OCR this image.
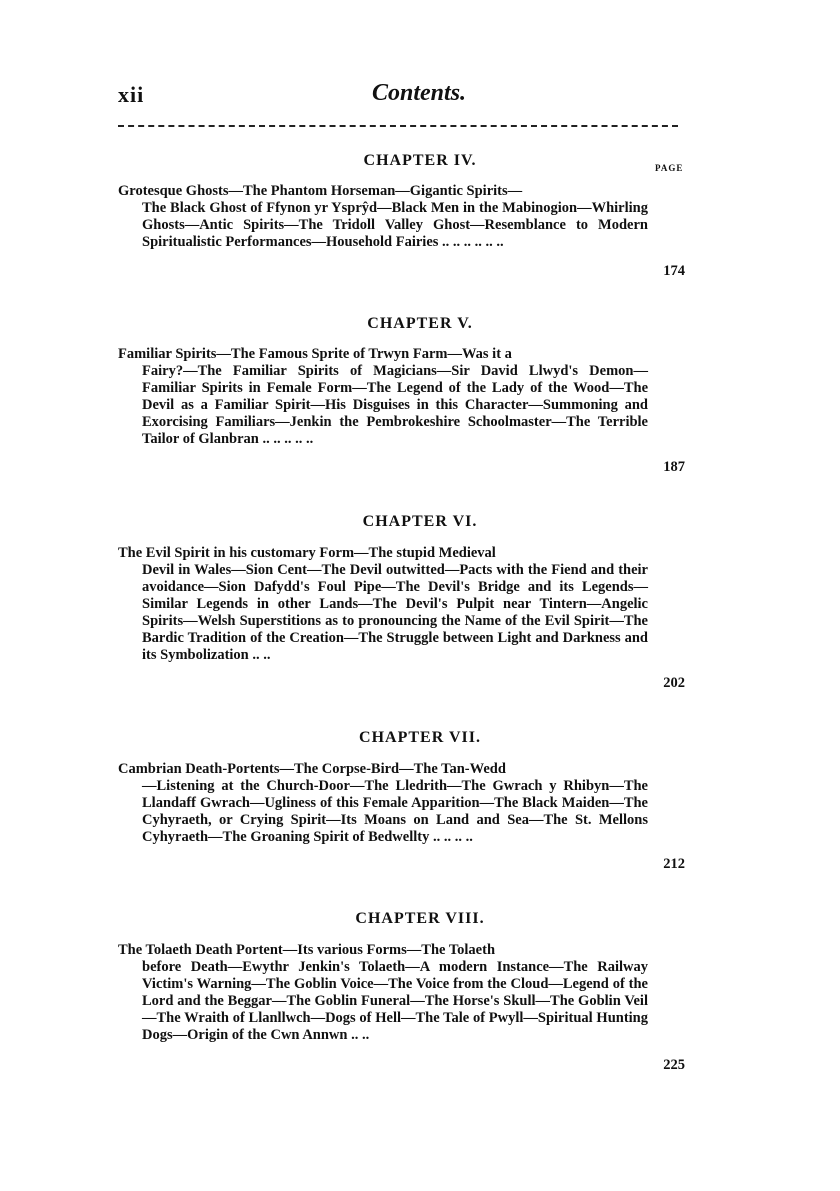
xii	Contents.
PAGE
CHAPTER IV.
Grotesque Ghosts—The Phantom Horseman—Gigantic Spirits—
The Black Ghost of Ffynon yr Ysprŷd—Black Men in the Mabinogion—Whirling Ghosts—Antic Spirits—The Tridoll Valley Ghost—Resemblance to Modern Spiritualistic Performances—Household Fairies .. .. .. .. .. ..
174
CHAPTER V.
Familiar Spirits—The Famous Sprite of Trwyn Farm—Was it a
Fairy?—The Familiar Spirits of Magicians—Sir David Llwyd's Demon—Familiar Spirits in Female Form—The Legend of the Lady of the Wood—The Devil as a Familiar Spirit—His Disguises in this Character—Summoning and Exorcising Familiars—Jenkin the Pembrokeshire Schoolmaster—The Terrible Tailor of Glanbran .. .. .. .. ..
187
CHAPTER VI.
The Evil Spirit in his customary Form—The stupid Medieval
Devil in Wales—Sion Cent—The Devil outwitted—Pacts with the Fiend and their avoidance—Sion Dafydd's Foul Pipe—The Devil's Bridge and its Legends—Similar Legends in other Lands—The Devil's Pulpit near Tintern—Angelic Spirits—Welsh Superstitions as to pronouncing the Name of the Evil Spirit—The Bardic Tradition of the Creation—The Struggle between Light and Darkness and its Symbolization .. ..
202
CHAPTER VII.
Cambrian Death-Portents—The Corpse-Bird—The Tan-Wedd
—Listening at the Church-Door—The Lledrith—The Gwrach y Rhibyn—The Llandaff Gwrach—Ugliness of this Female Apparition—The Black Maiden—The Cyhyraeth, or Crying Spirit—Its Moans on Land and Sea—The St. Mellons Cyhyraeth—The Groaning Spirit of Bedwellty .. .. .. ..
212
CHAPTER VIII.
The Tolaeth Death Portent—Its various Forms—The Tolaeth
before Death—Ewythr Jenkin's Tolaeth—A modern Instance—The Railway Victim's Warning—The Goblin Voice—The Voice from the Cloud—Legend of the Lord and the Beggar—The Goblin Funeral—The Horse's Skull—The Goblin Veil—The Wraith of Llanllwch—Dogs of Hell—The Tale of Pwyll—Spiritual Hunting Dogs—Origin of the Cwn Annwn .. ..
225
